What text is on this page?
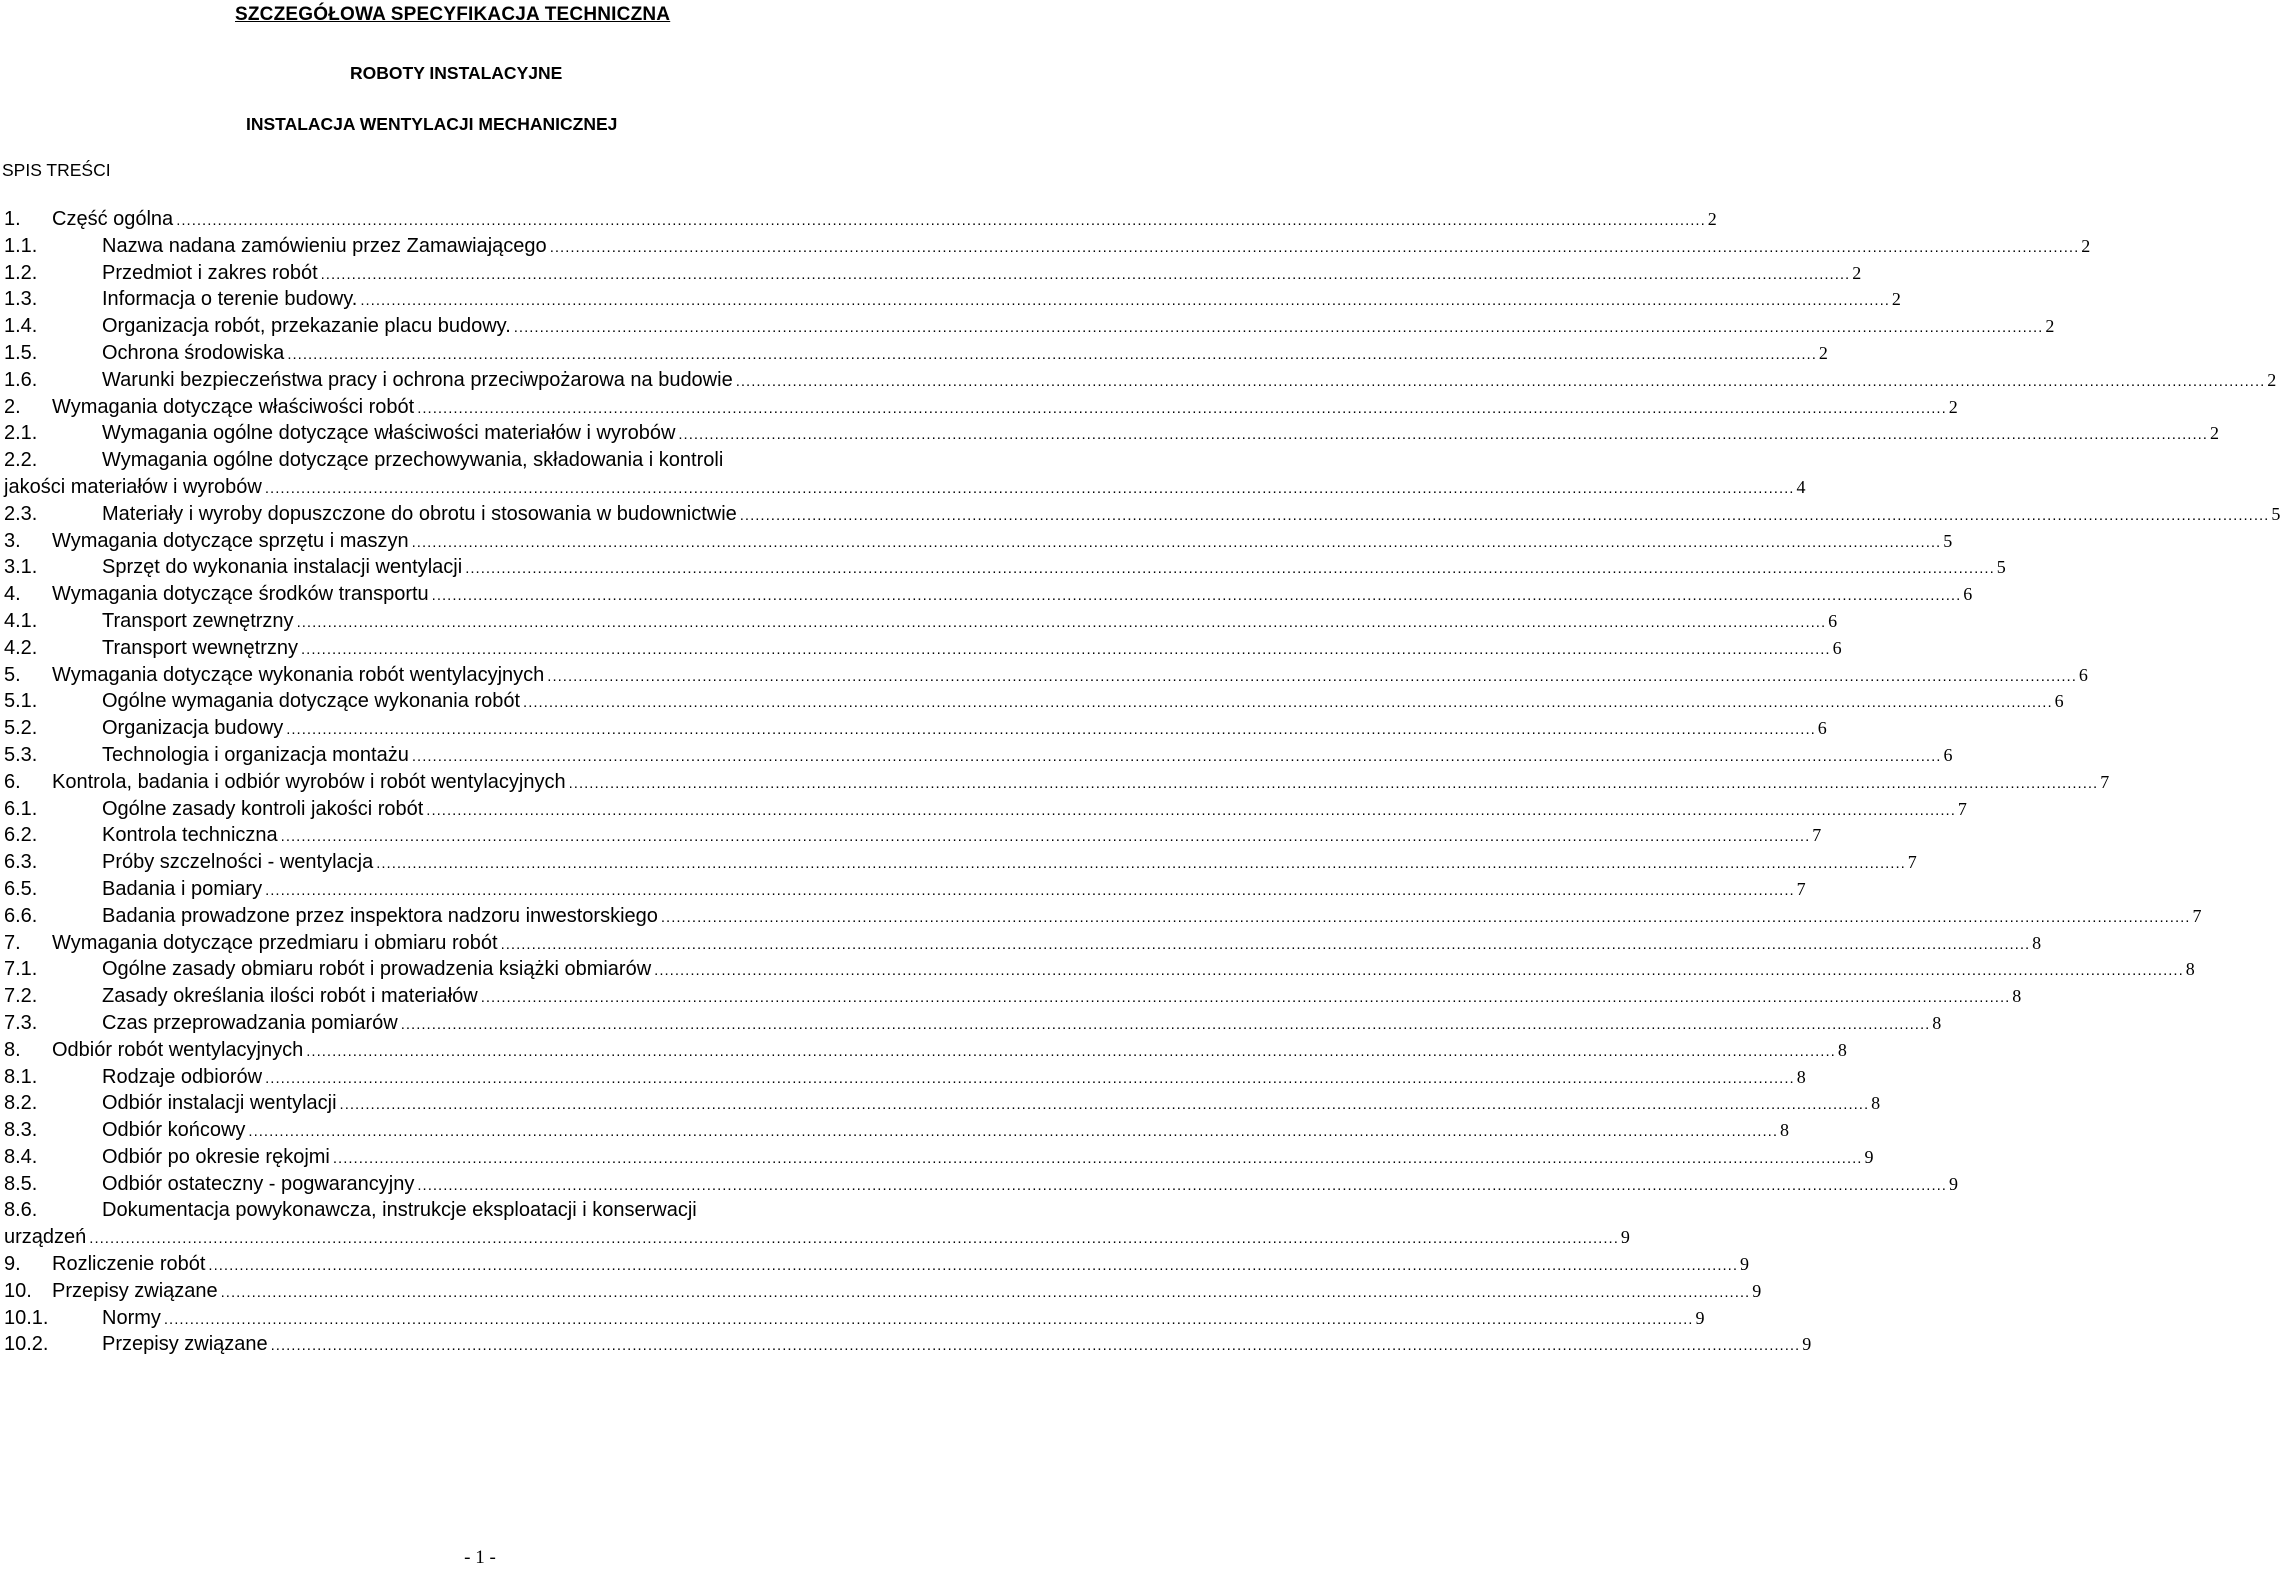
SZCZEGÓŁOWA SPECYFIKACJA TECHNICZNA
ROBOTY INSTALACYJNE
INSTALACJA WENTYLACJI MECHANICZNEJ
SPIS TREŚCI
1.	Część ogólna .....	2
1.1.	Nazwa nadana zamówieniu przez Zamawiającego .....	2
1.2.	Przedmiot i zakres robót .....	2
1.3.	Informacja o terenie budowy. .....	2
1.4.	Organizacja robót, przekazanie placu budowy. .....	2
1.5.	Ochrona środowiska .....	2
1.6.	Warunki bezpieczeństwa pracy i ochrona przeciwpożarowa na budowie .....	2
2.	Wymagania dotyczące właściwości robót .....	2
2.1.	Wymagania ogólne dotyczące właściwości materiałów i wyrobów .....	2
2.2.	Wymagania ogólne dotyczące przechowywania, składowania i kontroli
jakości materiałów i wyrobów .....	4
2.3.	Materiały i wyroby dopuszczone do obrotu i stosowania w budownictwie .....	5
3.	Wymagania dotyczące sprzętu i maszyn .....	5
3.1.	Sprzęt do wykonania instalacji wentylacji .....	5
4.	Wymagania dotyczące środków transportu .....	6
4.1.	Transport zewnętrzny .....	6
4.2.	Transport wewnętrzny .....	6
5.	Wymagania dotyczące wykonania robót wentylacyjnych .....	6
5.1.	Ogólne wymagania dotyczące wykonania robót .....	6
5.2.	Organizacja budowy .....	6
5.3.	Technologia i organizacja montażu .....	6
6.	Kontrola, badania i odbiór wyrobów i robót wentylacyjnych .....	7
6.1.	Ogólne zasady kontroli jakości robót .....	7
6.2.	Kontrola techniczna .....	7
6.3.	Próby szczelności - wentylacja .....	7
6.5.	Badania i pomiary .....	7
6.6.	Badania prowadzone przez inspektora nadzoru inwestorskiego .....	7
7.	Wymagania dotyczące przedmiaru i obmiaru robót .....	8
7.1.	Ogólne zasady obmiaru robót i prowadzenia książki obmiarów .....	8
7.2.	Zasady określania ilości robót i materiałów .....	8
7.3.	Czas przeprowadzania pomiarów .....	8
8.	Odbiór robót wentylacyjnych .....	8
8.1.	Rodzaje odbiorów .....	8
8.2.	Odbiór instalacji wentylacji .....	8
8.3.	Odbiór końcowy .....	8
8.4.	Odbiór po okresie rękojmi .....	9
8.5.	Odbiór ostateczny - pogwarancyjny .....	9
8.6.	Dokumentacja powykonawcza, instrukcje eksploatacji i konserwacji
urządzeń .....	9
9.	Rozliczenie robót .....	9
10.	Przepisy związane .....	9
10.1.	Normy .....	9
10.2.	Przepisy związane .....	9
- 1 -
